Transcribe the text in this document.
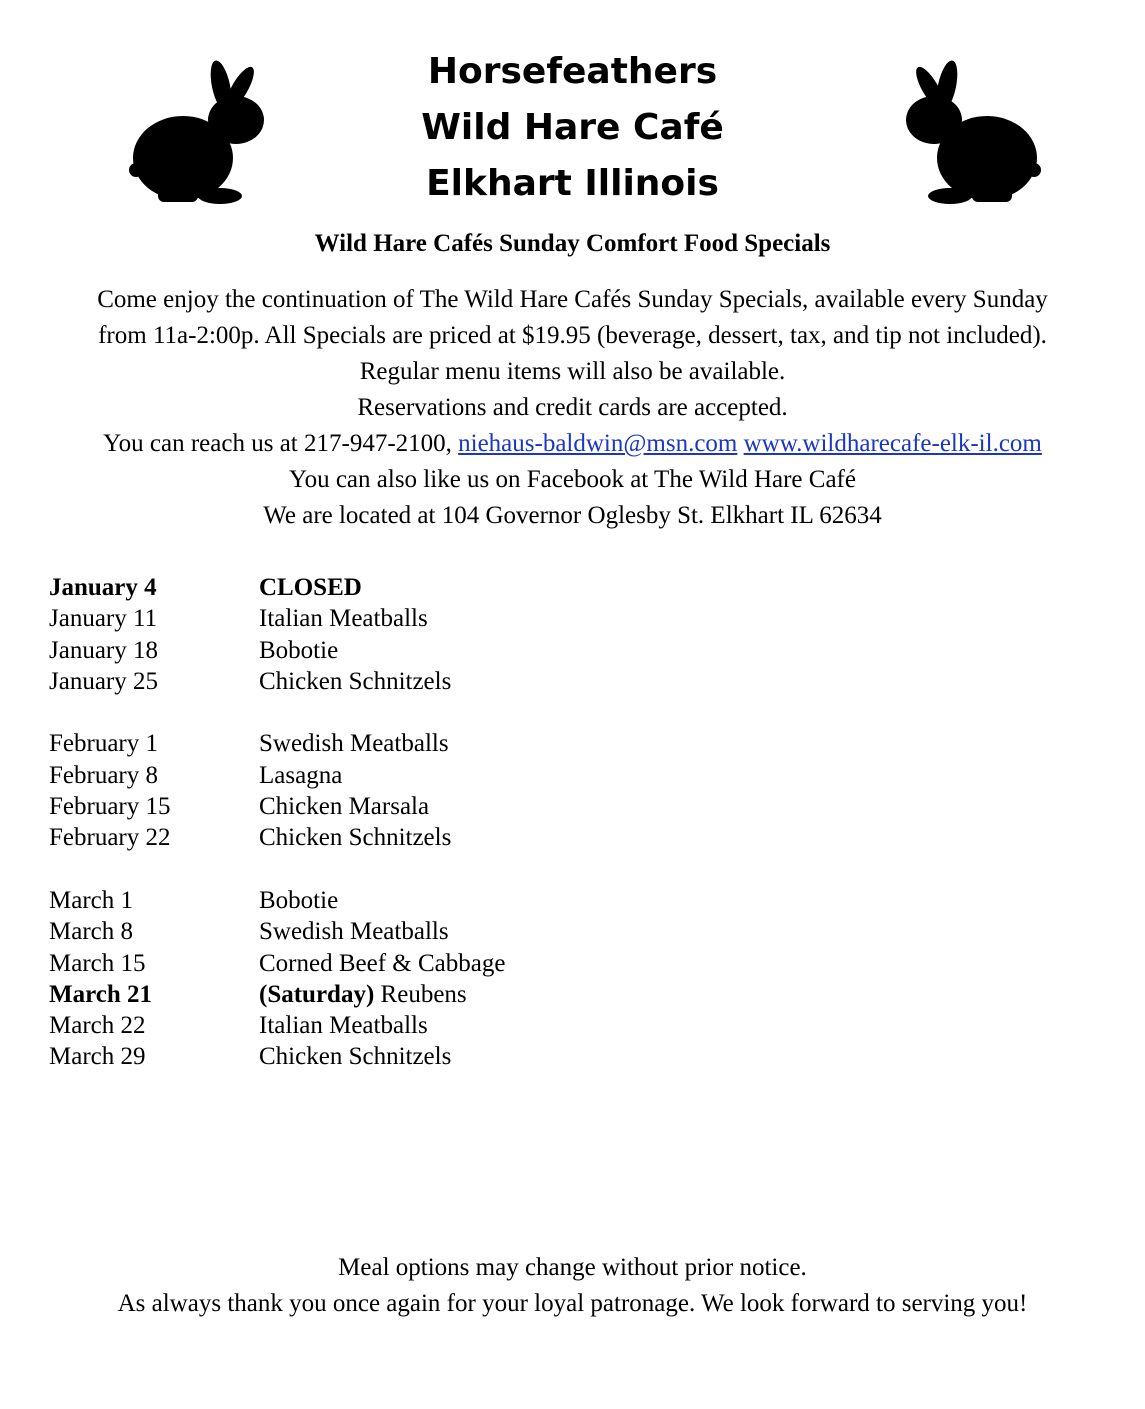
Horsefeathers
Wild Hare Café
Elkhart Illinois
Wild Hare Cafés Sunday Comfort Food Specials

Come enjoy the continuation of The Wild Hare Cafés Sunday Specials, available every Sunday

from 11a-2:00p. All Specials are priced at $19.95 (beverage, dessert, tax, and tip not included).

Regular menu items will also be available.

Reservations and credit cards are accepted.

You can reach us at 217-947-2100, niehaus-baldwin@msn.com www.wildharecafe-elk-il.com

You can also like us on Facebook at The Wild Hare Café

We are located at 104 Governor Oglesby St. Elkhart IL 62634

January 4	CLOSED
January 11	Italian Meatballs
January 18	Bobotie
January 25	Chicken Schnitzels
February 1	Swedish Meatballs
February 8	Lasagna
February 15	Chicken Marsala
February 22	Chicken Schnitzels
March 1	Bobotie
March 8	Swedish Meatballs
March 15	Corned Beef & Cabbage
March 21	(Saturday) Reubens
March 22	Italian Meatballs
March 29	Chicken Schnitzels

Meal options may change without prior notice.

As always thank you once again for your loyal patronage. We look forward to serving you!
